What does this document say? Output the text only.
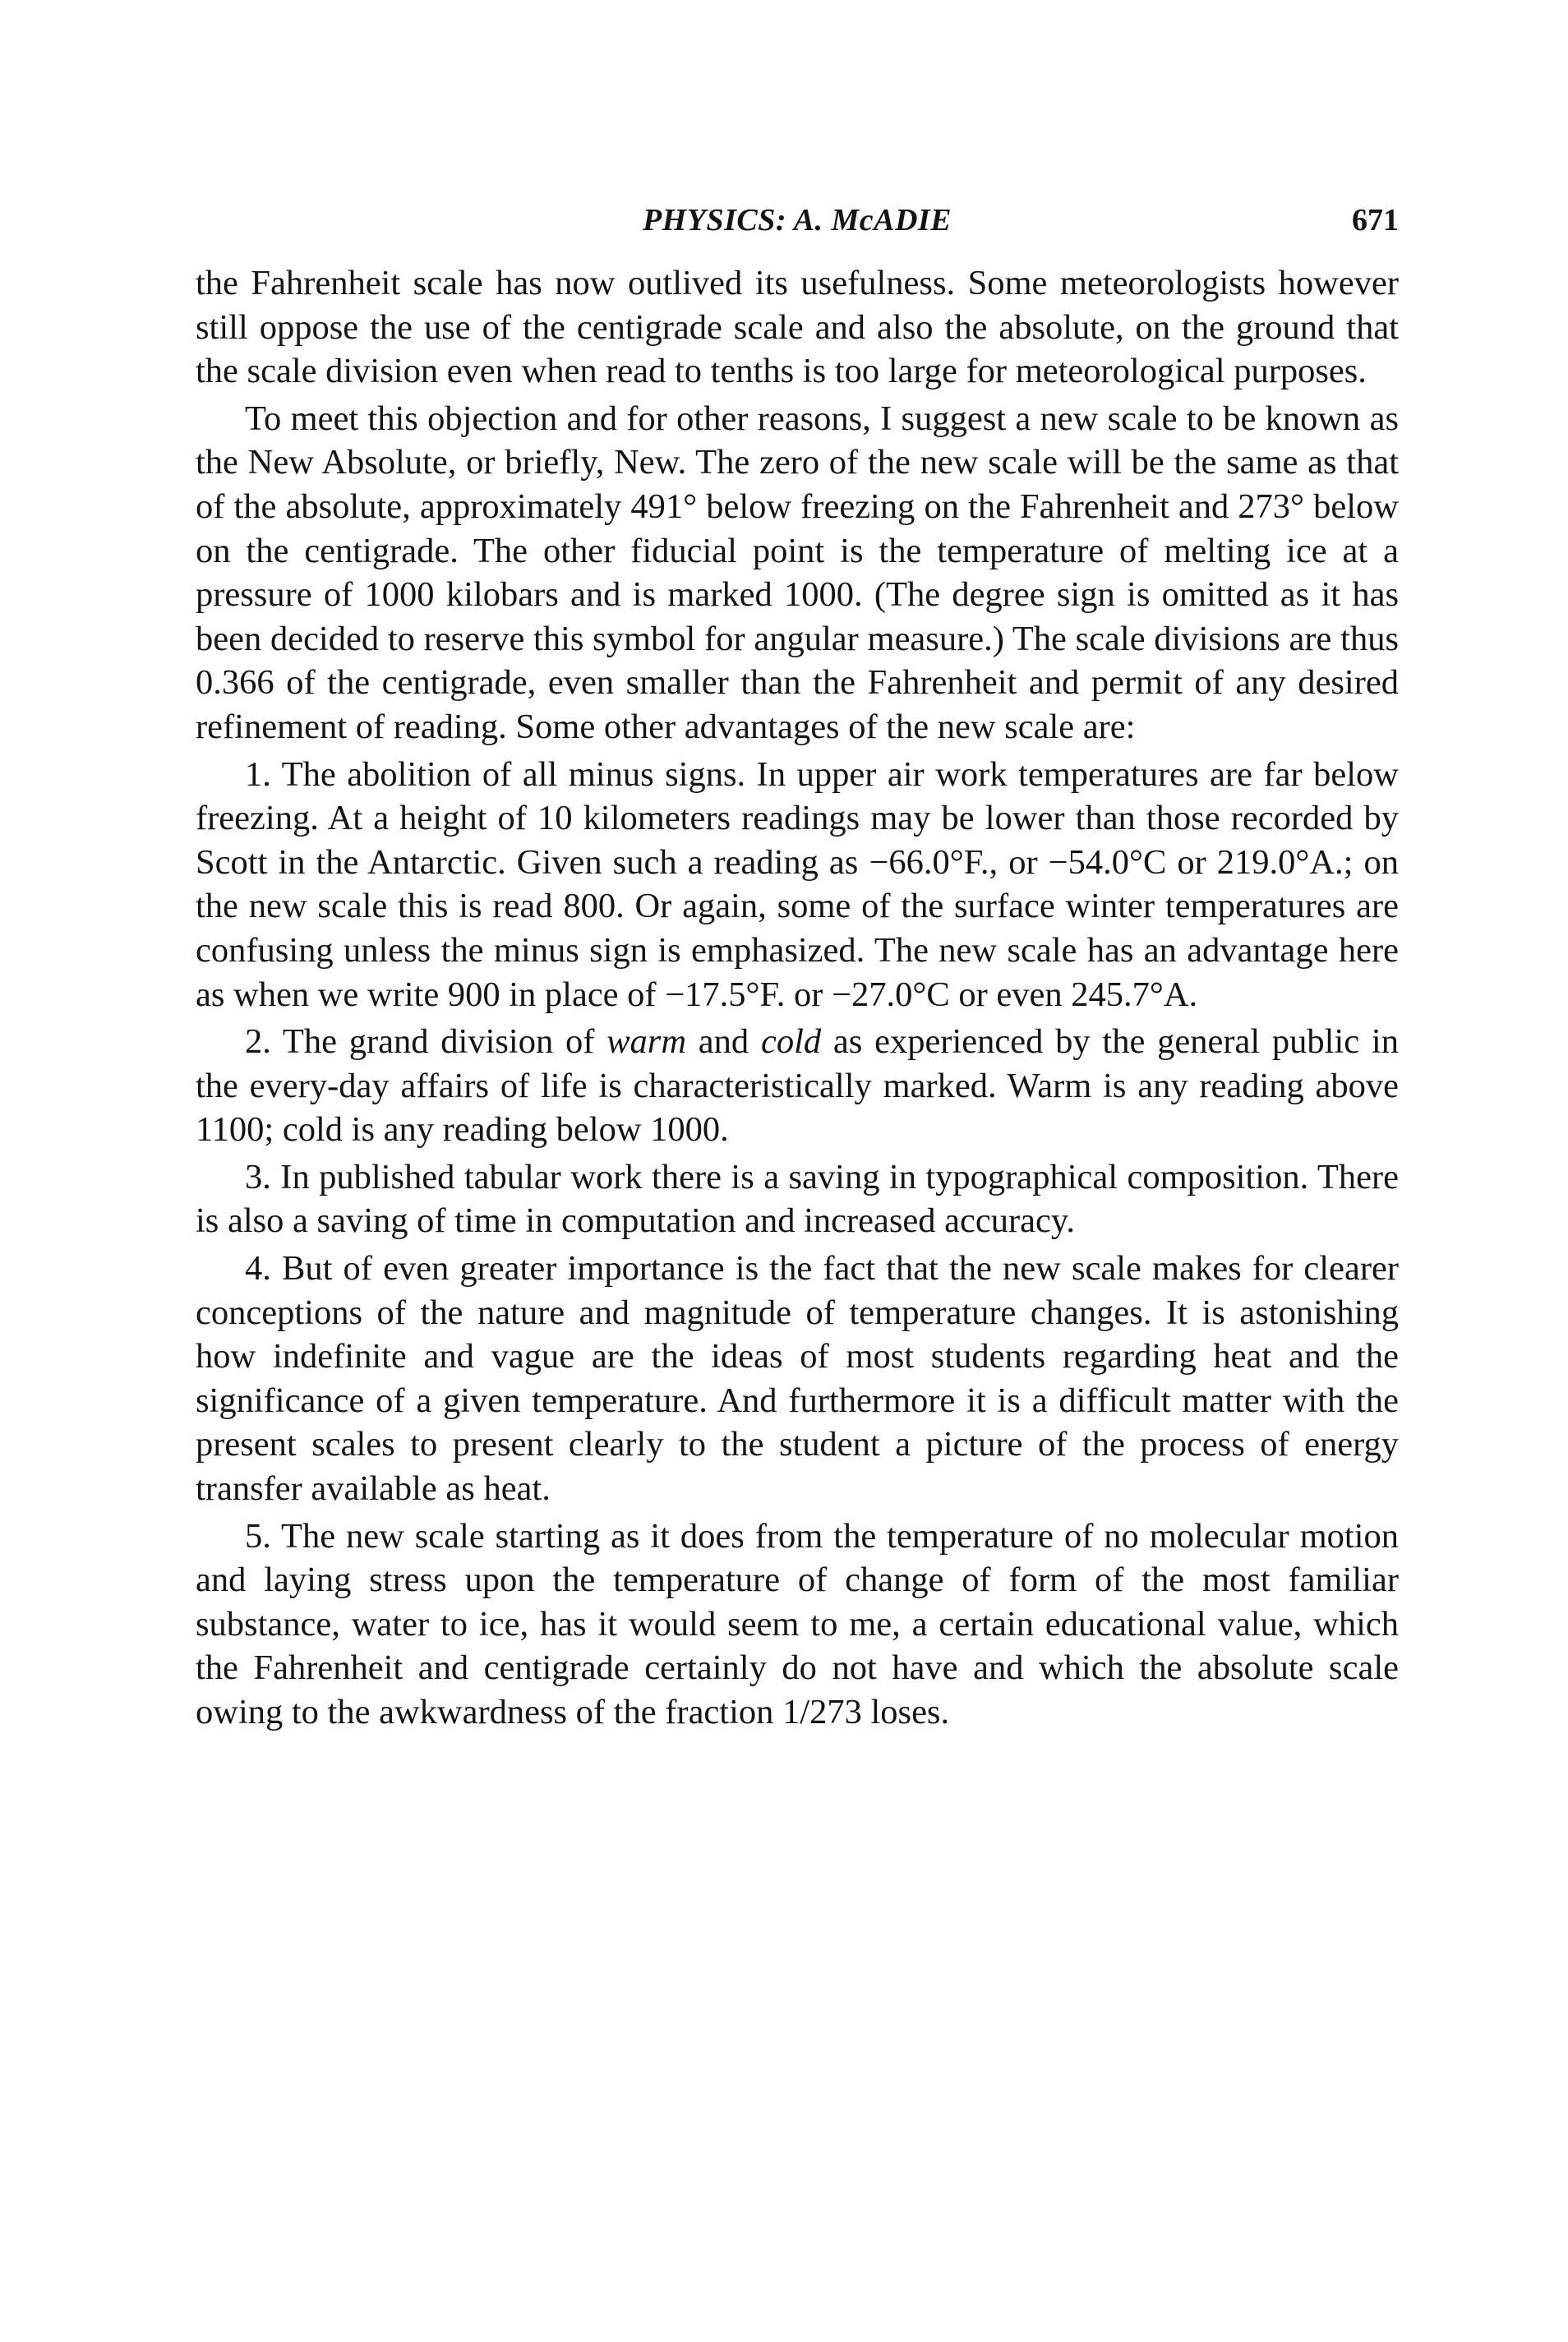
PHYSICS: A. McADIE	671

the Fahrenheit scale has now outlived its usefulness. Some meteorologists however still oppose the use of the centigrade scale and also the absolute, on the ground that the scale division even when read to tenths is too large for meteorological purposes.

To meet this objection and for other reasons, I suggest a new scale to be known as the New Absolute, or briefly, New. The zero of the new scale will be the same as that of the absolute, approximately 491° below freezing on the Fahrenheit and 273° below on the centigrade. The other fiducial point is the temperature of melting ice at a pressure of 1000 kilobars and is marked 1000. (The degree sign is omitted as it has been decided to reserve this symbol for angular measure.) The scale divisions are thus 0.366 of the centigrade, even smaller than the Fahrenheit and permit of any desired refinement of reading. Some other advantages of the new scale are:

1. The abolition of all minus signs. In upper air work temperatures are far below freezing. At a height of 10 kilometers readings may be lower than those recorded by Scott in the Antarctic. Given such a reading as −66.0°F., or −54.0°C or 219.0°A.; on the new scale this is read 800. Or again, some of the surface winter temperatures are confusing unless the minus sign is emphasized. The new scale has an advantage here as when we write 900 in place of −17.5°F. or −27.0°C or even 245.7°A.

2. The grand division of warm and cold as experienced by the general public in the every-day affairs of life is characteristically marked. Warm is any reading above 1100; cold is any reading below 1000.

3. In published tabular work there is a saving in typographical composition. There is also a saving of time in computation and increased accuracy.

4. But of even greater importance is the fact that the new scale makes for clearer conceptions of the nature and magnitude of temperature changes. It is astonishing how indefinite and vague are the ideas of most students regarding heat and the significance of a given temperature. And furthermore it is a difficult matter with the present scales to present clearly to the student a picture of the process of energy transfer available as heat.

5. The new scale starting as it does from the temperature of no molecular motion and laying stress upon the temperature of change of form of the most familiar substance, water to ice, has it would seem to me, a certain educational value, which the Fahrenheit and centigrade certainly do not have and which the absolute scale owing to the awkwardness of the fraction 1/273 loses.
